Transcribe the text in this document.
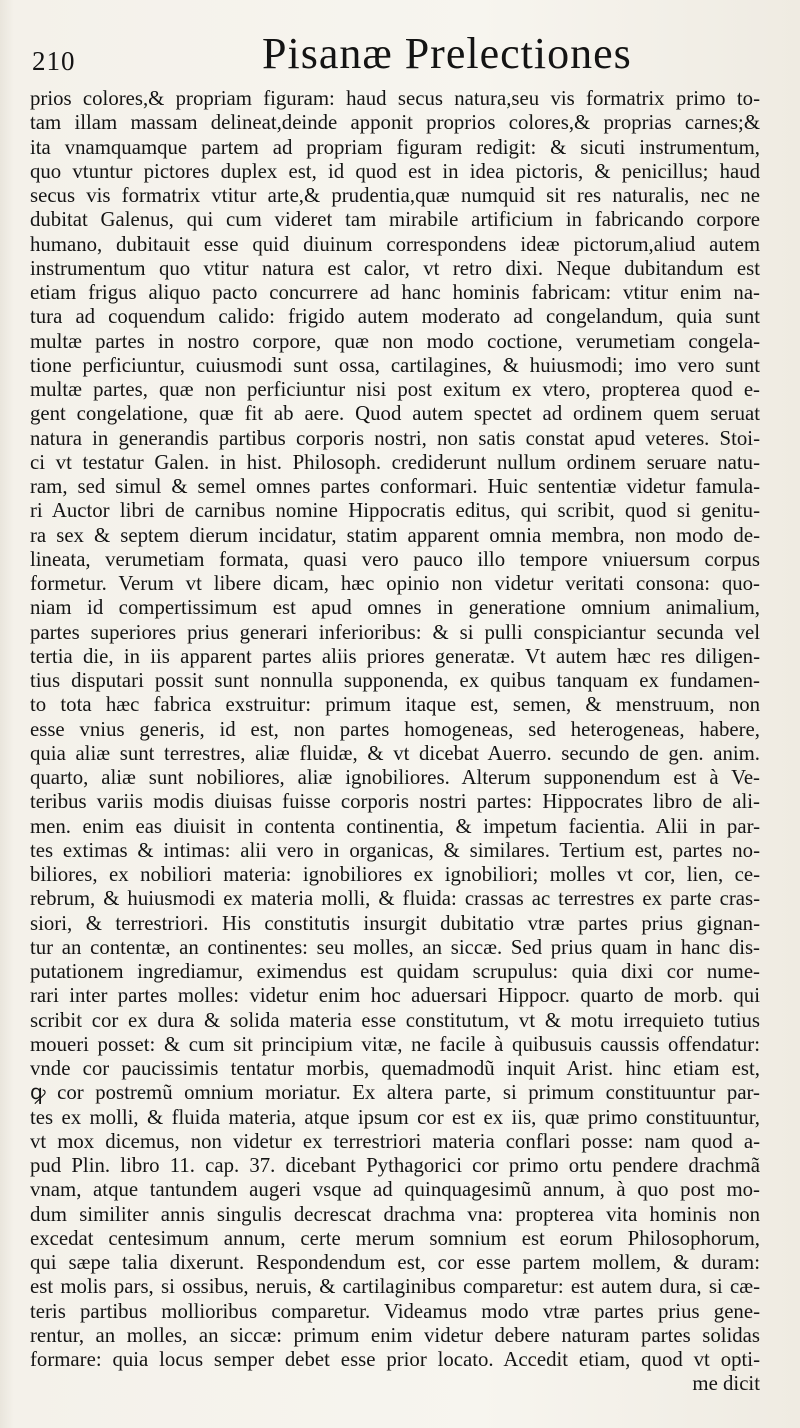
210	Pisanæ Prelectiones
prios colores,& propriam figuram: haud secus natura,seu vis formatrix primo to-
tam illam massam delineat,deinde apponit proprios colores,& proprias carnes;&
ita vnamquamque partem ad propriam figuram redigit: & sicuti instrumentum,
quo vtuntur pictores duplex est, id quod est in idea pictoris, & penicillus; haud
secus vis formatrix vtitur arte,& prudentia,quæ numquid sit res naturalis, nec ne
dubitat Galenus, qui cum videret tam mirabile artificium in fabricando corpore
humano, dubitauit esse quid diuinum correspondens ideæ pictorum,aliud autem
instrumentum quo vtitur natura est calor, vt retro dixi. Neque dubitandum est
etiam frigus aliquo pacto concurrere ad hanc hominis fabricam: vtitur enim na-
tura ad coquendum calido: frigido autem moderato ad congelandum, quia sunt
multæ partes in nostro corpore, quæ non modo coctione, verumetiam congela-
tione perficiuntur, cuiusmodi sunt ossa, cartilagines, & huiusmodi; imo vero sunt
multæ partes, quæ non perficiuntur nisi post exitum ex vtero, propterea quod e-
gent congelatione, quæ fit ab aere. Quod autem spectet ad ordinem quem seruat
natura in generandis partibus corporis nostri, non satis constat apud veteres. Stoi-
ci vt testatur Galen. in hist. Philosoph. crediderunt nullum ordinem seruare natu-
ram, sed simul & semel omnes partes conformari. Huic sententiæ videtur famula-
ri Auctor libri de carnibus nomine Hippocratis editus, qui scribit, quod si genitu-
ra sex & septem dierum incidatur, statim apparent omnia membra, non modo de-
lineata, verumetiam formata, quasi vero pauco illo tempore vniuersum corpus
formetur. Verum vt libere dicam, hæc opinio non videtur veritati consona: quo-
niam id compertissimum est apud omnes in generatione omnium animalium,
partes superiores prius generari inferioribus: & si pulli conspiciantur secunda vel
tertia die, in iis apparent partes aliis priores generatæ. Vt autem hæc res diligen-
tius disputari possit sunt nonnulla supponenda, ex quibus tanquam ex fundamen-
to tota hæc fabrica exstruitur: primum itaque est, semen, & menstruum, non
esse vnius generis, id est, non partes homogeneas, sed heterogeneas, habere,
quia aliæ sunt terrestres, aliæ fluidæ, & vt dicebat Auerro. secundo de gen. anim.
quarto, aliæ sunt nobiliores, aliæ ignobiliores. Alterum supponendum est à Ve-
teribus variis modis diuisas fuisse corporis nostri partes: Hippocrates libro de ali-
men. enim eas diuisit in contenta continentia, & impetum facientia. Alii in par-
tes extimas & intimas: alii vero in organicas, & similares. Tertium est, partes no-
biliores, ex nobiliori materia: ignobiliores ex ignobiliori; molles vt cor, lien, ce-
rebrum, & huiusmodi ex materia molli, & fluida: crassas ac terrestres ex parte cras-
siori, & terrestriori. His constitutis insurgit dubitatio vtræ partes prius gignan-
tur an contentæ, an continentes: seu molles, an siccæ. Sed prius quam in hanc dis-
putationem ingrediamur, eximendus est quidam scrupulus: quia dixi cor nume-
rari inter partes molles: videtur enim hoc aduersari Hippocr. quarto de morb. qui
scribit cor ex dura & solida materia esse constitutum, vt & motu irrequieto tutius
moueri posset: & cum sit principium vitæ, ne facile à quibusuis caussis offendatur:
vnde cor paucissimis tentatur morbis, quemadmodũ inquit Arist. hinc etiam est,
ꝙ cor postremũ omnium moriatur. Ex altera parte, si primum constituuntur par-
tes ex molli, & fluida materia, atque ipsum cor est ex iis, quæ primo constituuntur,
vt mox dicemus, non videtur ex terrestriori materia conflari posse: nam quod a-
pud Plin. libro 11. cap. 37. dicebant Pythagorici cor primo ortu pendere drachmã
vnam, atque tantundem augeri vsque ad quinquagesimũ annum, à quo post mo-
dum similiter annis singulis decrescat drachma vna: propterea vita hominis non
excedat centesimum annum, certe merum somnium est eorum Philosophorum,
qui sæpe talia dixerunt. Respondendum est, cor esse partem mollem, & duram:
est molis pars, si ossibus, neruis, & cartilaginibus comparetur: est autem dura, si cæ-
teris partibus mollioribus comparetur. Videamus modo vtræ partes prius gene-
rentur, an molles, an siccæ: primum enim videtur debere naturam partes solidas
formare: quia locus semper debet esse prior locato. Accedit etiam, quod vt opti-
me dicit
